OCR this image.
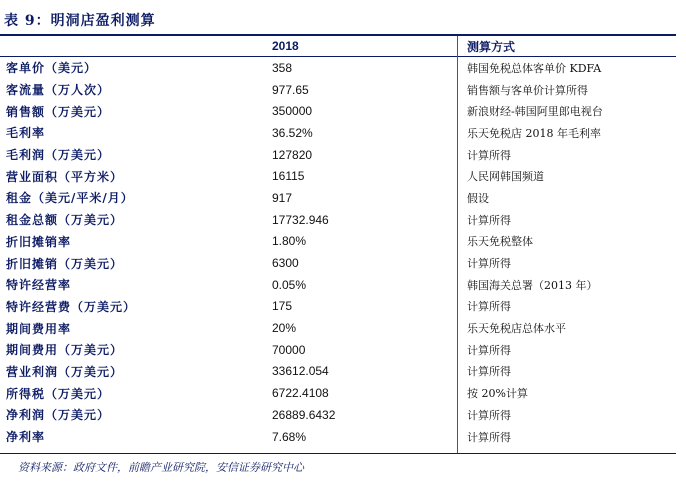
表 9：明洞店盈利测算
	2018	测算方式
客单价（美元）	358	韩国免税总体客单价 KDFA
客流量（万人次）	977.65	销售额与客单价计算所得
销售额（万美元）	350000	新浪财经-韩国阿里郎电视台
毛利率	36.52%	乐天免税店 2018 年毛利率
毛利润（万美元）	127820	计算所得
营业面积（平方米）	16115	人民网韩国频道
租金（美元/平米/月）	917	假设
租金总额（万美元）	17732.946	计算所得
折旧摊销率	1.80%	乐天免税整体
折旧摊销（万美元）	6300	计算所得
特许经营率	0.05%	韩国海关总署（2013 年）
特许经营费（万美元）	175	计算所得
期间费用率	20%	乐天免税店总体水平
期间费用（万美元）	70000	计算所得
营业利润（万美元）	33612.054	计算所得
所得税（万美元）	6722.4108	按 20%计算
净利润（万美元）	26889.6432	计算所得
净利率	7.68%	计算所得
资料来源：政府文件，前瞻产业研究院，安信证券研究中心
